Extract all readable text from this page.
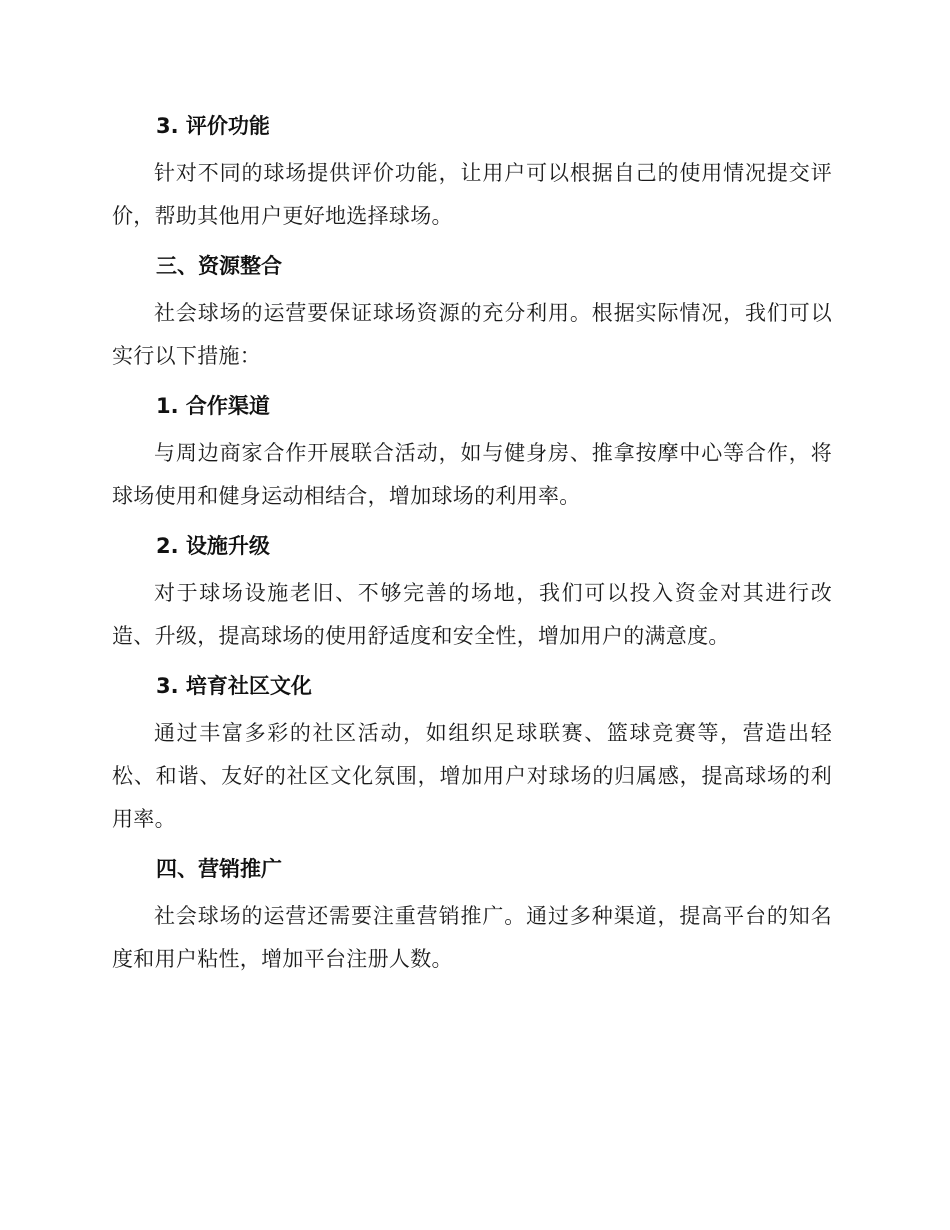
3. 评价功能

针对不同的球场提供评价功能，让用户可以根据自己的使用情况提交评价，帮助其他用户更好地选择球场。

三、资源整合

社会球场的运营要保证球场资源的充分利用。根据实际情况，我们可以实行以下措施：

1. 合作渠道

与周边商家合作开展联合活动，如与健身房、推拿按摩中心等合作，将球场使用和健身运动相结合，增加球场的利用率。

2. 设施升级

对于球场设施老旧、不够完善的场地，我们可以投入资金对其进行改造、升级，提高球场的使用舒适度和安全性，增加用户的满意度。

3. 培育社区文化

通过丰富多彩的社区活动，如组织足球联赛、篮球竞赛等，营造出轻松、和谐、友好的社区文化氛围，增加用户对球场的归属感，提高球场的利用率。

四、营销推广

社会球场的运营还需要注重营销推广。通过多种渠道，提高平台的知名度和用户粘性，增加平台注册人数。
